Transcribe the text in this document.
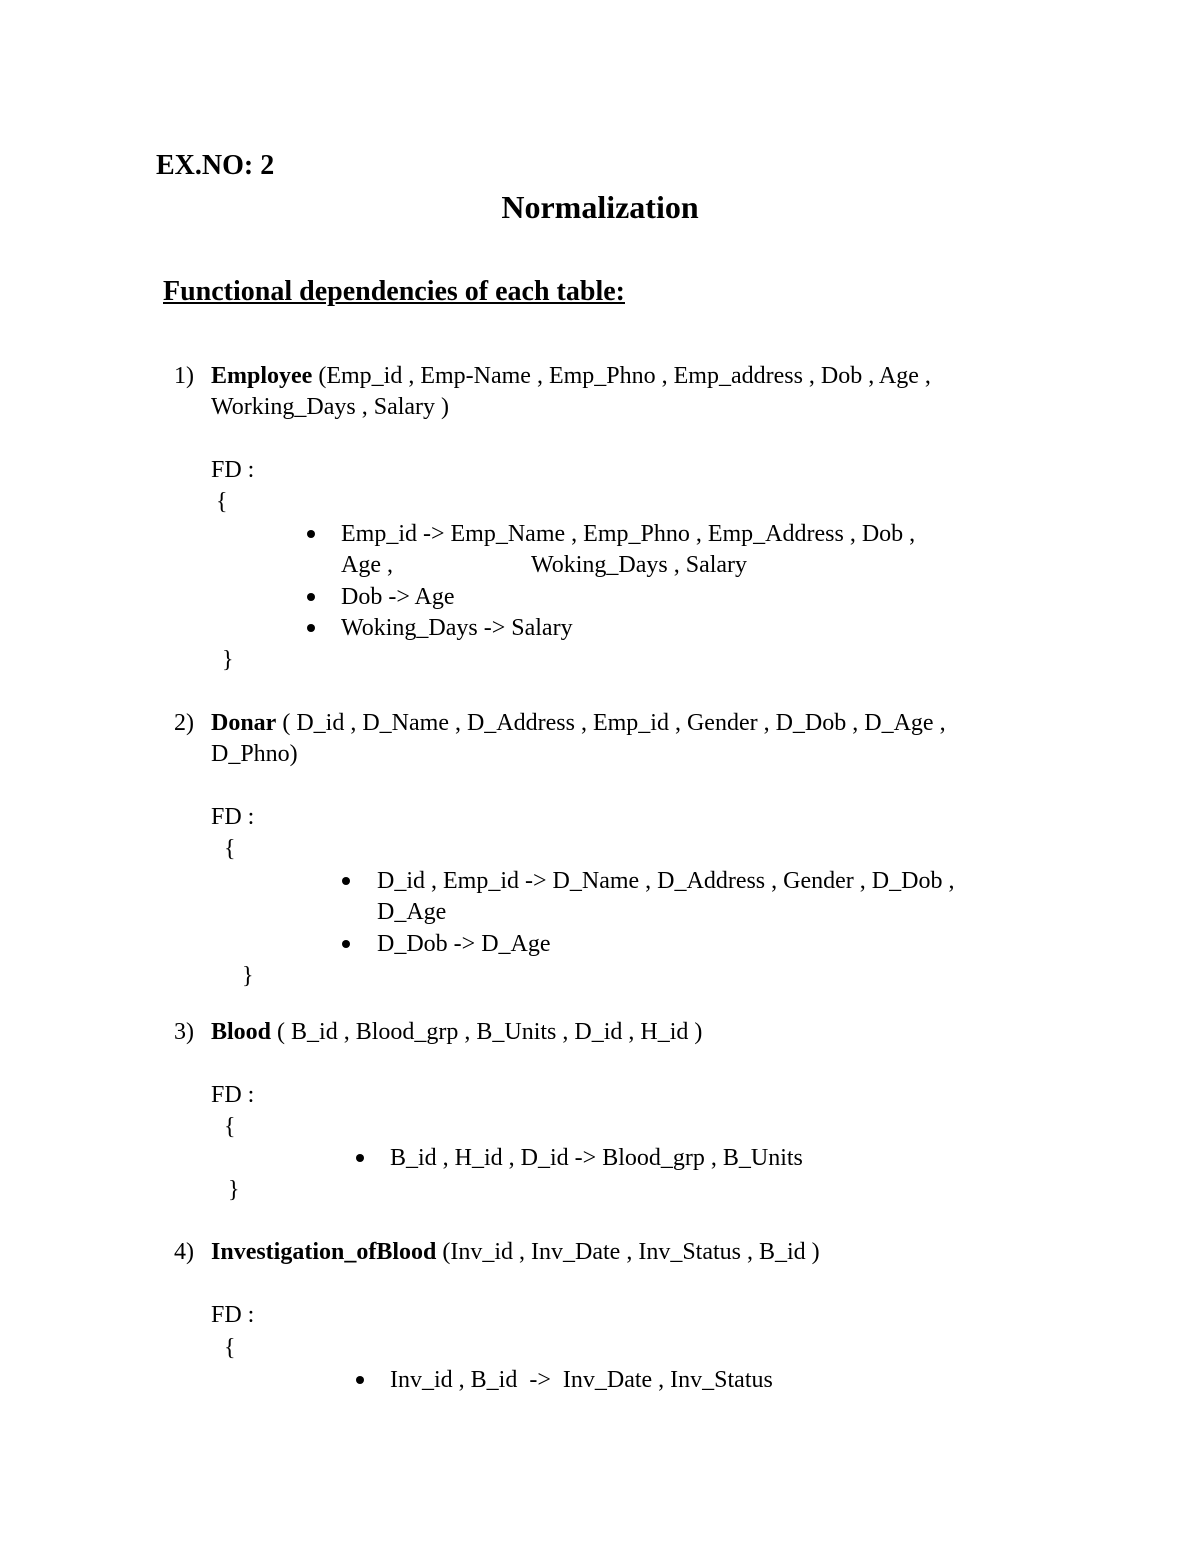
EX.NO: 2
Normalization
Functional dependencies of each table:
1) Employee (Emp_id , Emp-Name , Emp_Phno , Emp_address , Dob , Age ,
Working_Days , Salary )
FD :
{
Emp_id -> Emp_Name , Emp_Phno , Emp_Address , Dob ,
Age ,	Woking_Days , Salary
Dob -> Age
Woking_Days -> Salary
}
2) Donar ( D_id , D_Name , D_Address , Emp_id , Gender , D_Dob , D_Age ,
D_Phno)
FD :
{
D_id , Emp_id -> D_Name , D_Address , Gender , D_Dob ,
D_Age
D_Dob -> D_Age
}
3) Blood ( B_id , Blood_grp , B_Units , D_id , H_id )
FD :
{
B_id , H_id , D_id -> Blood_grp , B_Units
}
4) Investigation_ofBlood (Inv_id , Inv_Date , Inv_Status , B_id )
FD :
{
Inv_id , B_id  ->  Inv_Date , Inv_Status
